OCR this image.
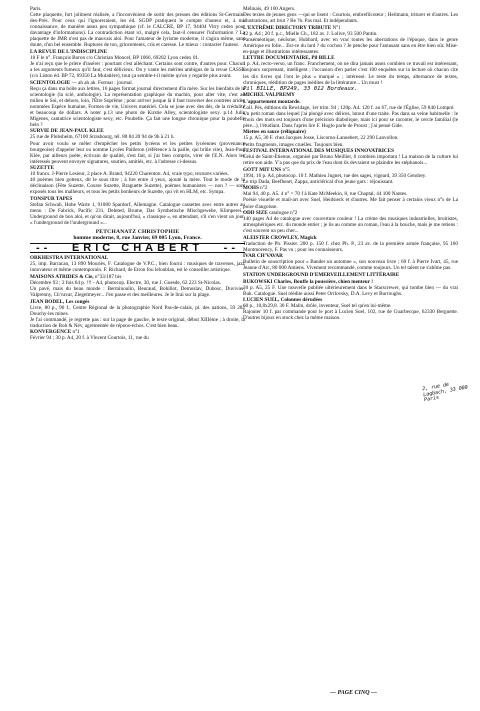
Paris.

Cette plaquette, fort joliment réalisée, a l'inconvénient de sortir des presses des éditions St-Germain-des-Prés. Pour ceux qui l'ignoreraient, les éd. SGDP pratiquent le compte d'auteur et, à ma connaissance, de manière assez peu sympathique (cf. le CALCRE, BP 17, 94404 Vitry cedex pour davantage d'informations). La contradiction étant ici, malgré cela, faut-il censurer l'information ? La plaquette de JMR n'est pas de mauvais aloi. Pour l'amateur de lyrisme moderne, il s'agira même, sans doute, d'un bel ensemble. Ruptures de ton, grincements, cris et caresse. Le mieux : contacter l'auteur.

LA REVUE DE L'INDISCIPLINE

10 F le n°. François Boron c/o Christian Moncel, BP 1066, 69202 Lyon cedex 01.

Je n'ai reçu que le prière d'insérer : pourtant c'est alléchant. Certains sont contre, d'autres pour. Chacun a les arguments fumeux qu'il faut, c'est délicieux. On y vante les mérites ambigus de la revue CASSE (c/o Liston éd. BP 72, 69350 La Mulatière), tout ça semble-t-il mérite qu'on y regarde plus avant.

SCIENTOLOGIE — ah ah ah. Format : journal.

Reçu ça dans ma boîte aux lettres, 16 pages format journal directement d'la mère. Sur les bienfaits de la scientologie (la scié, anthologie). La représentation graphique du machin, pour aller vite, c'est au milieu le Soi, et dehors, loin, l'Être Suprême ; pour arriver jusque là il faut traverser des contrées arides nommées Espèce humaine, Formes de vie, Univers matériel. Cela se joue avec des dés, de la crédulité et beaucoup de dollars. A noter p.13 une photo de Kirstie Alley, scientologiste sexy. p.14 Julia Migenes, cantatrice scientologiste sexy, etc. Poubelle. Ça fait une longue chronique pour la poubelle hein ?

SURVIE DE JEAN-PAUL KLEE

25 rue de Plobsheim, 67100 Strasbourg, tél. 88 84 20 94 de 9h à 21 h.

Pour avoir voulu se mêler d'empêcher les petits lycéens et les petites lycéennes (provenance bourgeoise) d'appeler leur ou nomme Lycées Pailleron (référence à la paille, qui brûle vite), Jean-Paul Klée, par ailleurs poète, écrivain de qualité, s'est fait, si j'ai bien compris, virer de l'E.N. Alors les intéressés peuvent envoyer signatures, soutien, amitiés, etc. à l'adresse ci-dessus.

SUZETTE

10 francs. J-Pierre Lesieur, 2 place A. Brand, 94220 Charenton. A4, vraie typo, textures variées.

40 poèmes bien gotteux, dit le sous titre ; à lire entre 4 yeux, ajouté la mère. Tout le mode de la déclinaison (Fête Suzette, Course Suzette, Braguette Suzette), poèmes humanistes — non ? — sont exposés tous les malheurs, et tous les petits bonheurs de Suzette, qui vit en HLM, etc. Sympa.

TONSPUR TAPES

Stefan Schwab, Hohe Warte 1, 91080 Spardorf, Allemagne. Catalogue cassettes avec entre autres au menu : De Fabrick, Pacific 231, Deleted, Brume, Das Synthetische Mischgewebe, Klimperei... Underground de bon aloi, et qu'on dirait, aujourd'hui, « classique », en attendant, s'il s'en vient un jour, « l'underground de l'underground »...

PETCHANATZ CHRISTOPHIE
homme moderne, 8, rue Janvier, 69 005 Lyon, France.
-- ERIC CHABERT --

ORKHESTRA INTERNATIONAL

25, imp. Barracan, 13 890 Mouriès, F. Catalogue de V.P.C., bien fourni : musiques de traverses, jazz innovateur et même contemporain. F. Richard, de Etron fou leloublan, est le conseiller artistique.

MAISONS ATRIDES & Cie, n°33/187 bis

Décembre 93 ; 2 fois 64 p. !!! - A4, photocop. Electre, 30, rue J. Guesde, 62 223 St-Nicolas.

Un pavé, mais du beau monde : Berminoulin, Beuraud, Bobillot, Demoslav, Dubosc, Duvivier, Valprenny, Ch'vavar, Ziegelmeyer... J'en passe et des meilleures. Je le lirai sur la plage.

JEAN BODEL, Les congés

Livre, 80 p., 90 f., Centre Régional de la photographie Nord Pas-de-calais, pl. des nations, 59 282 Douchy-les mines.

Je l'ai commandé, je regrette pas : sur la page de gauche, le texte original, début XIIIème ; à droite, la traduction de Bob & Név, agrémentée de répons-échos. C'est bien beau.

KONVERGENCE n°1

Février 94 ; 30 p. A4, 20 f. à Vincent Courtois, 11, rue du

Mélinais, 49 100 Angers.

Des textes de jeunes gens —qui se lisent : Courtois, embrefilcoteur ; Heilmann, triturer et d'autres. Les illustrations, art brut ? Be ?h. Pas mal. Et indépendants.

L'EXTRÊME DIRECTORY TRIBUTE N°1

42 p. A4 ; 20 f. p.c., Mielle Ch., 182 av. J. Lolive, 93 500 Pantin.

Panséméotique, néoïsme, Hubbard, avec en vrac toutes les aberrations de l'époque, dans le genre Amérique en folie... Est-ce du lard ? du cochon ? Je penche pour l'amusant sans en être bien sûr. Mise-en-page et illustrations intéressantes.

LETTRE DOCUMENTAIRE, Pil BILLE

1 p. A4, recto-verso, un franc. Franchement, on ne dira jamais assez combien ce travail est intéressant, toujours surprenant, intelligent ; l'occasion d'en parler c'est 100 enquêtes sur la lecture où chacun cite les dix livres qui l'ont le plus « marqué » ; intéressé. Le reste du temps, alternance de textes, chroniques, réédition de pages inédites de la littérature... Un must !

Pil BILLE, BP249, 33 012 Bordeaux.

MICHEL VALPREMY

L'appartement moutarde.

Coll. Pés, éditions du Rewidage, 1er trim. 94 ; 120p. A4. 120 f. au 67, rue de l'Église, 59 840 Lompré.

Un petit roman dans lequel j'ai plongé avec délices, lutout d'une traite. Pas dans sa veine habituelle : le choix des mots est toujours d'une précision diabolique, mais ici pour se raconter, le cercle familial (le père...), l'étudiant. Dans l'après lire F. Huglo parle de Proust ; j'ai pensé Gide.

Miettes en sauce (réliquaire)

15 p. A5, 30 F. chez Jacques Josse, Liscorno-Lannebert, 22 290 Lanvollon.

Petits fragments, images cruelles. Toujours bien.

FESTIVAL INTERNATIONAL DES MUSIQUES INNOVATRICES

Celui de Saint-Étienne, organisé par Bruno Meillier, 6 combien important ! La maison de la culture lui retire son aide. Y'a pas que du prix de l'eau dont ils devraient se plaindre les stéphanois...

GOTT MIT UNS n°5

1994, 16 p. A4, photocop. 10 f. Mathieu Jugnet, rue des sages, vigeard, 39 350 Gendrey.

Le trip Dada, Beefheart, Zappa, anticlérical d'un jeune gars : réjouissant.

MOHS n°2

Mai 94, 40 p. A5. 4 n° = 70 f à Kate McMeekin, 8, rue Chaptal, 44 100 Nantes.

Poésie visuelle et mail-art avec Suel, Heidsieck et d'autres. Me fait penser à certains vieux n°s de La poire d'angoisse.

ODD SIZE catalogue n°2

140 pages A4 de catalogue avec couverture couleur ! La crème des musiques industrielles, bruitistes, atmosphériques etc. du monde entier ; je lis au comme un roman, l'eau à la bouche, mais je me retiens : c'est souvent un peu cher...

ALEISTER CROWLEY, Magick

Traduction de Ph. Pissier. 200 p. 150 f. chez Ph. P., 23 av. de la première armée française, 95 160 Montmorency, F. Pas vu ; pour les connaisseurs.

IVAR CH'VAVAR

Bulletin de souscription pour « Bander un automne », son nouveau livre ; 60 f. à Pierre Ivart, 45, rue Jeanne d'Arc, 80 000 Amiens. Vivement recommandé, comme toujours. Un tel talent ne s'abîme pas.

STATION UNDERGROUND D'EMERVEILLEMENT LITTÉRAIRE

BUKOWSKI Charles, Bouffe la poussière, chien menteur !

20 p. A5, 25 F. Une nouvelle publiée ultérieurement dans le Starscrewer, qui tombe bien — du vrai Buk. Catalogue. Suel réédite aussi Peter Orrlovsky, D.A. Levy et Burroughs.

LUCIEN SUEL, Colonnes dérudées

60 p., 10,8x29,8. 30 F. Malin, drôle, inventeur, Suel tel qu'en lui-même.

Rajouter 10 f. par commande pour le port à Lucien Suel, 102, rue de Guarbecque, 62330 Berguette. D'autres bijoux en stock chez la même maison.

2, rue de Lagbach, 33 000 Paris
— PAGE CINQ —
